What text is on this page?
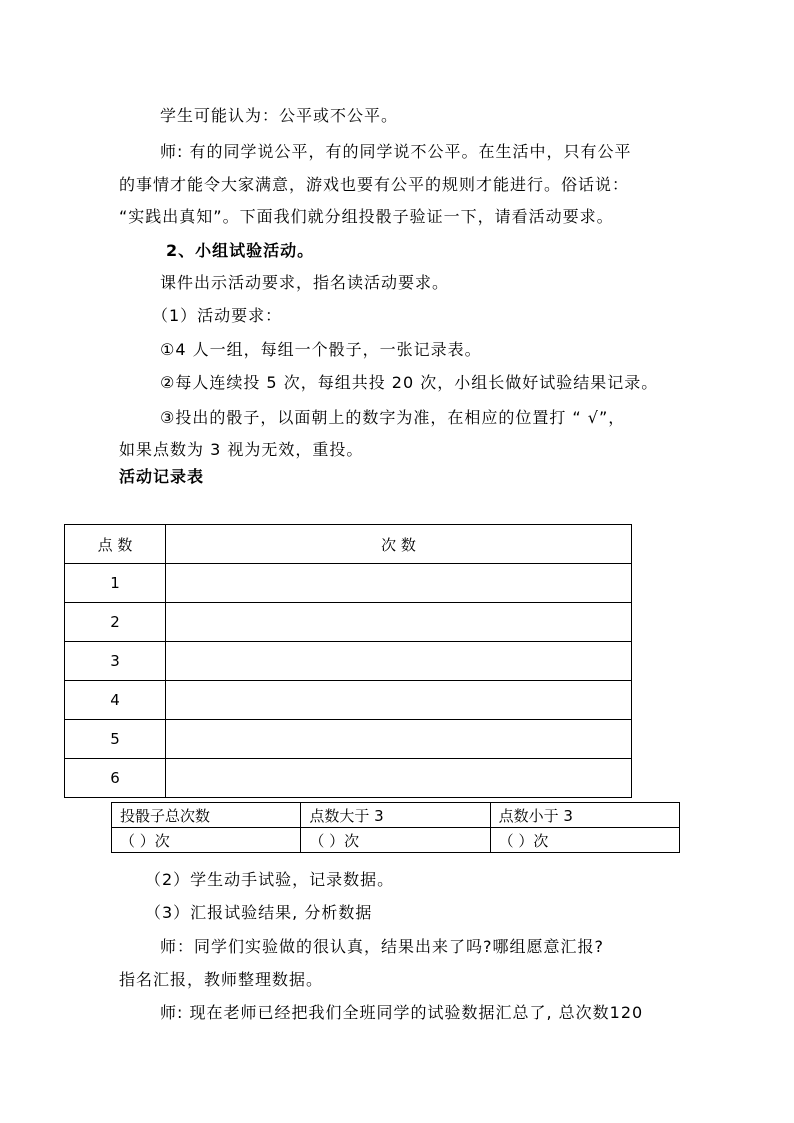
学生可能认为：公平或不公平。
师: 有的同学说公平，有的同学说不公平。在生活中，只有公平
的事情才能令大家满意，游戏也要有公平的规则才能进行。俗话说：
“实践出真知”。下面我们就分组投骰子验证一下，请看活动要求。
2、小组试验活动。
课件出示活动要求，指名读活动要求。
（1）活动要求：
①4 人一组，每组一个骰子，一张记录表。
②每人连续投 5 次，每组共投 20 次，小组长做好试验结果记录。
③投出的骰子，以面朝上的数字为准，在相应的位置打 “ √”，
如果点数为 3 视为无效，重投。
活动记录表
点 数	次 数
1	
2	
3	
4	
5	
6	
投骰子总次数	点数大于 3	点数小于 3
（ ）次	（ ）次	（ ）次
（2）学生动手试验，记录数据。
（3）汇报试验结果, 分析数据
师：同学们实验做的很认真，结果出来了吗?哪组愿意汇报?
指名汇报，教师整理数据。
师: 现在老师已经把我们全班同学的试验数据汇总了, 总次数120
